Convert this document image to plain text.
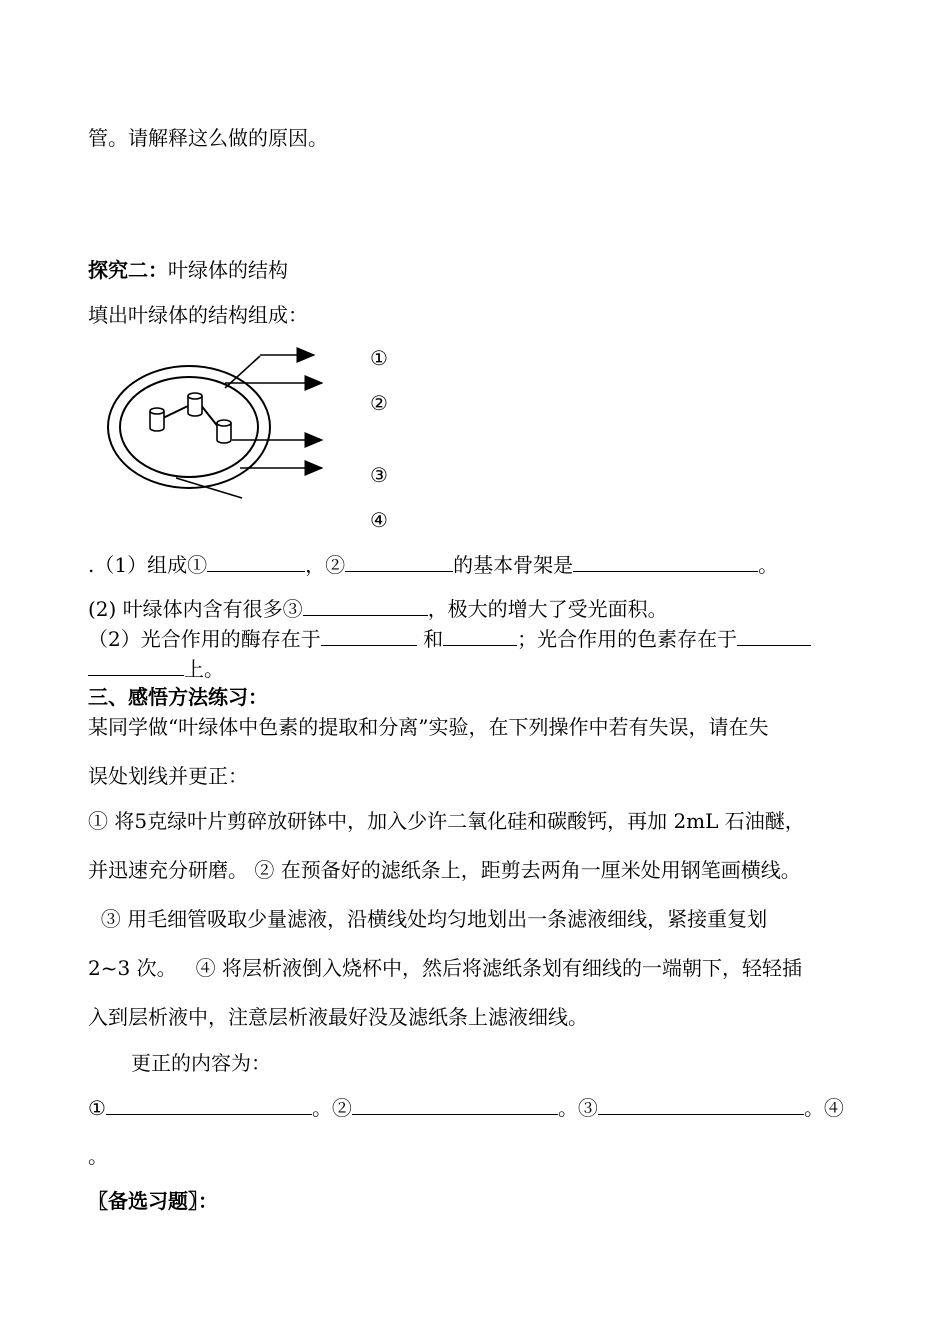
管。请解释这么做的原因。
探究二：叶绿体的结构
填出叶绿体的结构组成：
①
②
③
④
.（1）组成①	，②	的基本骨架是	。
(2) 叶绿体内含有很多③	，极大的增大了受光面积。
（2）光合作用的酶存在于	和	；光合作用的色素存在于
上。
三、感悟方法练习：
某同学做“叶绿体中色素的提取和分离”实验，在下列操作中若有失误，请在失
误处划线并更正：
① 将5克绿叶片剪碎放研钵中，加入少许二氧化硅和碳酸钙，再加 2mL 石油醚，
并迅速充分研磨。 ② 在预备好的滤纸条上，距剪去两角一厘米处用钢笔画横线。
③ 用毛细管吸取少量滤液，沿横线处均匀地划出一条滤液细线，紧接重复划
2~3 次。   ④ 将层析液倒入烧杯中，然后将滤纸条划有细线的一端朝下，轻轻插
入到层析液中，注意层析液最好没及滤纸条上滤液细线。
更正的内容为：
①	。②	。③	。④
。
〖备选习题〗：
